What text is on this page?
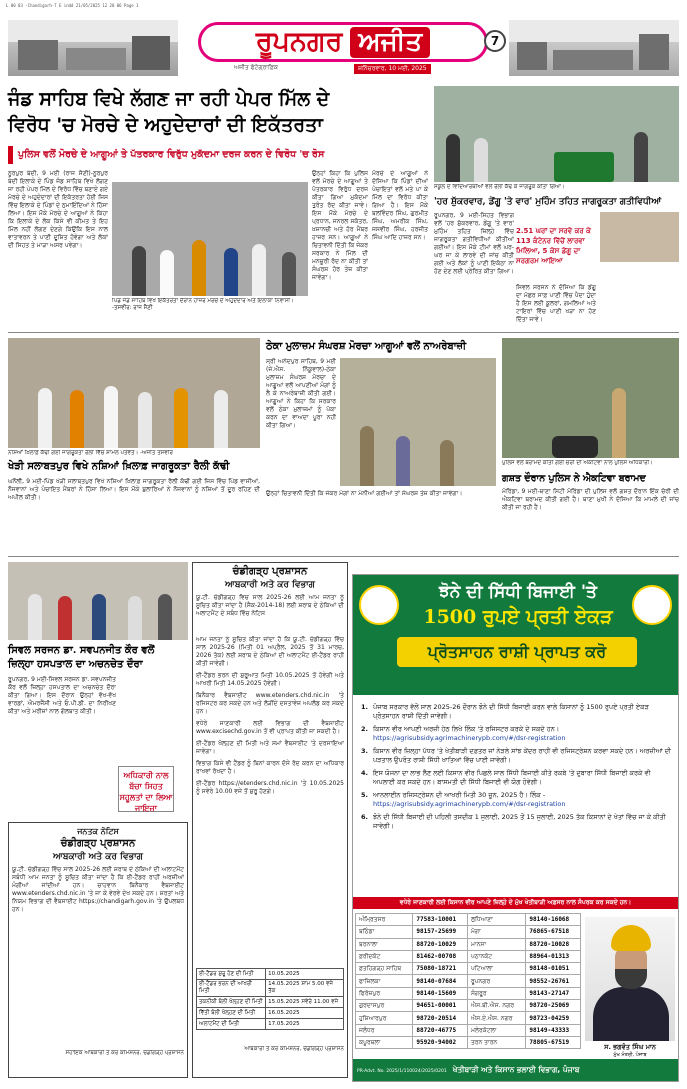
L 00 03 -Chandigarh-7 E indd 21/05/2025 12 20 06 Page 1
ਰੂਪਨਗਰ ਅਜੀਤ
ਅਜੀਤ ਫੋਟੋਗ੍ਰਾਫ਼ਿਕ	ਸ਼ਨਿੱਚਰਵਾਰ, 10 ਮਈ, 2025
7
ਜੰਡ ਸਾਹਿਬ ਵਿਖੇ ਲੱਗਣ ਜਾ ਰਹੀ ਪੇਪਰ ਮਿੱਲ ਦੇ
ਵਿਰੋਧ 'ਚ ਮੋਰਚੇ ਦੇ ਅਹੁਦੇਦਾਰਾਂ ਦੀ ਇਕੱਤਰਤਾ
ਪੁਲਿਸ ਵਲੋਂ ਮੋਰਚੇ ਦੇ ਆਗੂਆਂ ਤੇ ਪੱਤਰਕਾਰ ਵਿਰੁੱਧ ਮੁਕੱਦਮਾ ਦਰਜ ਕਰਨ ਦੇ ਵਿਰੋਧ 'ਚ ਰੋਸ
ਨੂਰਪੁਰ ਬੇਦੀ, 9 ਮਈ (ਰਾਜ ਸੈਣੀ)-ਨੂਰਪੁਰ ਬੇਦੀ ਇਲਾਕੇ ਦੇ ਪਿੰਡ ਜੰਡ ਸਾਹਿਬ ਵਿਖੇ ਲੱਗਣ ਜਾ ਰਹੀ ਪੇਪਰ ਮਿੱਲ ਦੇ ਵਿਰੋਧ ਵਿੱਚ ਬਣਾਏ ਗਏ ਮੋਰਚੇ ਦੇ ਅਹੁਦੇਦਾਰਾਂ ਦੀ ਇਕੱਤਰਤਾ ਹੋਈ ਜਿਸ ਵਿੱਚ ਇਲਾਕੇ ਦੇ ਪਿੰਡਾਂ ਦੇ ਨੁਮਾਇੰਦਿਆਂ ਨੇ ਹਿੱਸਾ ਲਿਆ। ਇਸ ਮੌਕੇ ਮੋਰਚੇ ਦੇ ਆਗੂਆਂ ਨੇ ਕਿਹਾ ਕਿ ਇਲਾਕੇ ਦੇ ਲੋਕ ਕਿਸੇ ਵੀ ਕੀਮਤ ਤੇ ਇਹ ਮਿੱਲ ਨਹੀਂ ਲੱਗਣ ਦੇਣਗੇ ਕਿਉਂਕਿ ਇਸ ਨਾਲ ਵਾਤਾਵਰਨ ਤੇ ਪਾਣੀ ਦੂਸ਼ਿਤ ਹੋਵੇਗਾ ਅਤੇ ਲੋਕਾਂ ਦੀ ਸਿਹਤ ਤੇ ਮਾੜਾ ਅਸਰ ਪਵੇਗਾ।
ਪਿੰਡ ਜੰਡ ਸਾਹਿਬ ਵਿਖੇ ਇਕੱਤਰਤਾ ਦੌਰਾਨ ਹਾਜ਼ਰ ਮੋਰਚੇ ਦੇ ਅਹੁਦੇਦਾਰ ਅਤੇ ਇਲਾਕਾ ਨਿਵਾਸੀ। -ਤਸਵੀਰ: ਰਾਜ ਸੈਣੀ
ਉਨ੍ਹਾਂ ਕਿਹਾ ਕਿ ਪੁਲਿਸ ਵਲੋਂ ਮੋਰਚੇ ਦੇ ਆਗੂਆਂ ਤੇ ਪੱਤਰਕਾਰ ਵਿਰੁੱਧ ਦਰਜ ਕੀਤਾ ਗਿਆ ਮੁਕੱਦਮਾ ਤੁਰੰਤ ਰੱਦ ਕੀਤਾ ਜਾਵੇ। ਇਸ ਮੌਕੇ ਮੋਰਚੇ ਦੇ ਪ੍ਰਧਾਨ, ਜਨਰਲ ਸਕੱਤਰ, ਖ਼ਜ਼ਾਨਚੀ ਅਤੇ ਹੋਰ ਮੈਂਬਰ ਹਾਜ਼ਰ ਸਨ। ਆਗੂਆਂ ਨੇ ਚਿਤਾਵਨੀ ਦਿੱਤੀ ਕਿ ਜੇਕਰ ਸਰਕਾਰ ਨੇ ਮਿੱਲ ਦੀ ਮਨਜ਼ੂਰੀ ਰੱਦ ਨਾ ਕੀਤੀ ਤਾਂ ਸੰਘਰਸ਼ ਹੋਰ ਤੇਜ਼ ਕੀਤਾ ਜਾਵੇਗਾ।
ਮੋਰਚੇ ਦੇ ਆਗੂਆਂ ਨੇ ਦੱਸਿਆ ਕਿ ਪਿੰਡਾਂ ਦੀਆਂ ਪੰਚਾਇਤਾਂ ਵਲੋਂ ਮਤੇ ਪਾ ਕੇ ਮਿੱਲ ਦਾ ਵਿਰੋਧ ਕੀਤਾ ਗਿਆ ਹੈ। ਇਸ ਮੌਕੇ ਬਲਵਿੰਦਰ ਸਿੰਘ, ਗੁਰਮੀਤ ਸਿੰਘ, ਅਮਰੀਕ ਸਿੰਘ, ਜਸਵੀਰ ਸਿੰਘ, ਹਰਜੀਤ ਸਿੰਘ ਆਦਿ ਹਾਜ਼ਰ ਸਨ।
ਸਕੂਲ ਦੇ ਵਿਦਿਆਰਥੀਆਂ ਵਲੋਂ ਰੈਲੀ ਕੱਢ ਕੇ ਜਾਗਰੂਕ ਕੀਤਾ ਗਿਆ।
'ਹਰ ਸ਼ੁੱਕਰਵਾਰ, ਡੇਂਗੂ 'ਤੇ ਵਾਰ' ਮੁਹਿੰਮ ਤਹਿਤ ਜਾਗਰੂਕਤਾ ਗਤੀਵਿਧੀਆਂ
ਰੂਪਨਗਰ, 9 ਮਈ-ਸਿਹਤ ਵਿਭਾਗ ਵਲੋਂ 'ਹਰ ਸ਼ੁੱਕਰਵਾਰ, ਡੇਂਗੂ 'ਤੇ ਵਾਰ' ਮੁਹਿੰਮ ਤਹਿਤ ਜ਼ਿਲ੍ਹੇ ਵਿੱਚ ਜਾਗਰੂਕਤਾ ਗਤੀਵਿਧੀਆਂ ਕੀਤੀਆਂ ਗਈਆਂ। ਇਸ ਮੌਕੇ ਟੀਮਾਂ ਵਲੋਂ ਘਰ-ਘਰ ਜਾ ਕੇ ਲਾਰਵੇ ਦੀ ਜਾਂਚ ਕੀਤੀ ਗਈ ਅਤੇ ਲੋਕਾਂ ਨੂੰ ਪਾਣੀ ਇਕੱਠਾ ਨਾ ਹੋਣ ਦੇਣ ਲਈ ਪ੍ਰੇਰਿਤ ਕੀਤਾ ਗਿਆ।
2.51 ਘਰਾਂ ਦਾ ਸਰਵੇ ਕਰ ਕੇ 113 ਕੰਟੇਨਰ ਵਿੱਚੋਂ ਲਾਰਵਾ ਮਿਲਿਆ, 5 ਕੇਸ ਡੇਂਗੂ ਦਾ ਸਰਗਰਮ ਆਇਆ
ਸਿਵਲ ਸਰਜਨ ਨੇ ਦੱਸਿਆ ਕਿ ਡੇਂਗੂ ਦਾ ਮੱਛਰ ਸਾਫ਼ ਪਾਣੀ ਵਿੱਚ ਪੈਦਾ ਹੁੰਦਾ ਹੈ ਇਸ ਲਈ ਕੂਲਰਾਂ, ਗਮਲਿਆਂ ਅਤੇ ਟਾਇਰਾਂ ਵਿੱਚ ਪਾਣੀ ਖੜਾ ਨਾ ਹੋਣ ਦਿੱਤਾ ਜਾਵੇ।
ਨਸ਼ਿਆਂ ਖ਼ਿਲਾਫ਼ ਕੱਢੀ ਗਈ ਜਾਗਰੂਕਤਾ ਰੈਲੀ ਵਿੱਚ ਸ਼ਾਮਲ ਪਤਵੰਤੇ। -ਅਜੀਤ ਤਸਵੀਰ
ਖੇੜੀ ਸਲਾਬਤਪੁਰ ਵਿਖੇ ਨਸ਼ਿਆਂ ਖ਼ਿਲਾਫ਼ ਜਾਗਰੂਕਤਾ ਰੈਲੀ ਕੱਢੀ
ਘਨੌਲੀ, 9 ਮਈ-ਪਿੰਡ ਖੇੜੀ ਸਲਾਬਤਪੁਰ ਵਿਖੇ ਨਸ਼ਿਆਂ ਖ਼ਿਲਾਫ਼ ਜਾਗਰੂਕਤਾ ਰੈਲੀ ਕੱਢੀ ਗਈ ਜਿਸ ਵਿੱਚ ਪਿੰਡ ਵਾਸੀਆਂ, ਨੌਜਵਾਨਾਂ ਅਤੇ ਪੰਚਾਇਤ ਮੈਂਬਰਾਂ ਨੇ ਹਿੱਸਾ ਲਿਆ। ਇਸ ਮੌਕੇ ਬੁਲਾਰਿਆਂ ਨੇ ਨੌਜਵਾਨਾਂ ਨੂੰ ਨਸ਼ਿਆਂ ਤੋਂ ਦੂਰ ਰਹਿਣ ਦੀ ਅਪੀਲ ਕੀਤੀ।
ਠੇਕਾ ਮੁਲਾਜ਼ਮ ਸੰਘਰਸ਼ ਮੋਰਚਾ ਆਗੂਆਂ ਵਲੋਂ ਨਾਅਰੇਬਾਜ਼ੀ
ਸ੍ਰੀ ਅਨੰਦਪੁਰ ਸਾਹਿਬ, 9 ਮਈ (ਜੇ.ਐਸ. ਨਿੱਕੂਵਾਲ)-ਠੇਕਾ ਮੁਲਾਜ਼ਮ ਸੰਘਰਸ਼ ਮੋਰਚਾ ਦੇ ਆਗੂਆਂ ਵਲੋਂ ਆਪਣੀਆਂ ਮੰਗਾਂ ਨੂੰ ਲੈ ਕੇ ਨਾਅਰੇਬਾਜ਼ੀ ਕੀਤੀ ਗਈ। ਆਗੂਆਂ ਨੇ ਕਿਹਾ ਕਿ ਸਰਕਾਰ ਵਲੋਂ ਠੇਕਾ ਮੁਲਾਜ਼ਮਾਂ ਨੂੰ ਪੱਕਾ ਕਰਨ ਦਾ ਵਾਅਦਾ ਪੂਰਾ ਨਹੀਂ ਕੀਤਾ ਗਿਆ।
ਉਨ੍ਹਾਂ ਚਿਤਾਵਨੀ ਦਿੱਤੀ ਕਿ ਜੇਕਰ ਮੰਗਾਂ ਨਾ ਮੰਨੀਆਂ ਗਈਆਂ ਤਾਂ ਸੰਘਰਸ਼ ਤੇਜ਼ ਕੀਤਾ ਜਾਵੇਗਾ।
ਪੁਲਿਸ ਵਲੋਂ ਬਰਾਮਦ ਕੀਤੀ ਗਈ ਚੋਰੀ ਦੀ ਐਕਟਿਵਾ ਨਾਲ ਪੁਲਿਸ ਅਧਿਕਾਰੀ।
ਗਸ਼ਤ ਦੌਰਾਨ ਪੁਲਿਸ ਨੇ ਐਕਟਿਵਾ ਬਰਾਮਦ
ਮੋਰਿੰਡਾ, 9 ਮਈ-ਥਾਣਾ ਸਿਟੀ ਮੋਰਿੰਡਾ ਦੀ ਪੁਲਿਸ ਵਲੋਂ ਗਸ਼ਤ ਦੌਰਾਨ ਇੱਕ ਚੋਰੀ ਦੀ ਐਕਟਿਵਾ ਬਰਾਮਦ ਕੀਤੀ ਗਈ ਹੈ। ਥਾਣਾ ਮੁਖੀ ਨੇ ਦੱਸਿਆ ਕਿ ਮਾਮਲੇ ਦੀ ਜਾਂਚ ਕੀਤੀ ਜਾ ਰਹੀ ਹੈ।
ਸਿਵਲ ਸਰਜਨ ਡਾ. ਸਵਪਨਜੀਤ ਕੌਰ ਵਲੋਂ
ਜ਼ਿਲ੍ਹਾ ਹਸਪਤਾਲ ਦਾ ਅਚਨਚੇਤ ਦੌਰਾ
ਰੂਪਨਗਰ, 9 ਮਈ-ਸਿਵਲ ਸਰਜਨ ਡਾ. ਸਵਪਨਜੀਤ ਕੌਰ ਵਲੋਂ ਜ਼ਿਲ੍ਹਾ ਹਸਪਤਾਲ ਦਾ ਅਚਨਚੇਤ ਦੌਰਾ ਕੀਤਾ ਗਿਆ। ਇਸ ਦੌਰਾਨ ਉਨ੍ਹਾਂ ਵੱਖ-ਵੱਖ ਵਾਰਡਾਂ, ਐਮਰਜੈਂਸੀ ਅਤੇ ਓ.ਪੀ.ਡੀ. ਦਾ ਨਿਰੀਖਣ ਕੀਤਾ ਅਤੇ ਮਰੀਜ਼ਾਂ ਨਾਲ ਗੱਲਬਾਤ ਕੀਤੀ।
ਅਧਿਕਾਰੀ ਨਾਲ ਬੱਚਾ ਸਿਹਤ ਸਹੂਲਤਾਂ ਦਾ ਲਿਆ ਜਾਇਜ਼ਾ
ਜਨਤਕ ਨੋਟਿਸ
ਚੰਡੀਗੜ੍ਹ ਪ੍ਰਸ਼ਾਸਨ
ਆਬਕਾਰੀ ਅਤੇ ਕਰ ਵਿਭਾਗ
ਯੂ.ਟੀ. ਚੰਡੀਗੜ੍ਹ ਵਿੱਚ ਸਾਲ 2025-26 ਲਈ ਸ਼ਰਾਬ ਦੇ ਠੇਕਿਆਂ ਦੀ ਅਲਾਟਮੈਂਟ ਸਬੰਧੀ ਆਮ ਜਨਤਾ ਨੂੰ ਸੂਚਿਤ ਕੀਤਾ ਜਾਂਦਾ ਹੈ ਕਿ ਈ-ਟੈਂਡਰ ਰਾਹੀਂ ਅਰਜ਼ੀਆਂ ਮੰਗੀਆਂ ਜਾਂਦੀਆਂ ਹਨ। ਚਾਹਵਾਨ ਬਿਨੈਕਾਰ ਵੈਬਸਾਈਟ www.etenders.chd.nic.in 'ਤੇ ਜਾ ਕੇ ਵੇਰਵੇ ਦੇਖ ਸਕਦੇ ਹਨ। ਸ਼ਰਤਾਂ ਅਤੇ ਨਿਯਮ ਵਿਭਾਗ ਦੀ ਵੈਬਸਾਈਟ https://chandigarh.gov.in 'ਤੇ ਉਪਲਬਧ ਹਨ।
ਸਹਾਇਕ ਆਬਕਾਰੀ ਤੇ ਕਰ ਕਮਿਸ਼ਨਰ, ਚੰਡੀਗੜ੍ਹ ਪ੍ਰਸ਼ਾਸਨ
ਚੰਡੀਗੜ੍ਹ ਪ੍ਰਸ਼ਾਸਨ
ਆਬਕਾਰੀ ਅਤੇ ਕਰ ਵਿਭਾਗ
ਯੂ.ਟੀ. ਚੰਡੀਗੜ੍ਹ ਵਿਚ ਸਾਲ 2025-26 ਲਈ ਆਮ ਜਨਤਾ ਨੂੰ ਸੂਚਿਤ ਕੀਤਾ ਜਾਂਦਾ ਹੈ (ਸੈਕ-2014-18) ਲਈ ਸ਼ਰਾਬ ਦੇ ਠੇਕਿਆਂ ਦੀ ਅਲਾਟਮੈਂਟ ਦੇ ਸਬੰਧ ਵਿੱਚ ਨੋਟਿਸ
ਆਮ ਜਨਤਾ ਨੂੰ ਸੂਚਿਤ ਕੀਤਾ ਜਾਂਦਾ ਹੈ ਕਿ ਯੂ.ਟੀ. ਚੰਡੀਗੜ੍ਹ ਵਿੱਚ ਸਾਲ 2025-26 (ਮਿਤੀ 01 ਅਪ੍ਰੈਲ, 2025 ਤੋਂ 31 ਮਾਰਚ, 2026 ਤੱਕ) ਲਈ ਸ਼ਰਾਬ ਦੇ ਠੇਕਿਆਂ ਦੀ ਅਲਾਟਮੈਂਟ ਈ-ਟੈਂਡਰ ਰਾਹੀਂ ਕੀਤੀ ਜਾਵੇਗੀ।
ਈ-ਟੈਂਡਰ ਭਰਨ ਦੀ ਸ਼ੁਰੂਆਤ ਮਿਤੀ 10.05.2025 ਤੋਂ ਹੋਵੇਗੀ ਅਤੇ ਆਖਰੀ ਮਿਤੀ 14.05.2025 ਹੋਵੇਗੀ।
ਬਿਨੈਕਾਰ ਵੈਬਸਾਈਟ www.etenders.chd.nic.in 'ਤੇ ਰਜਿਸਟਰ ਕਰ ਸਕਦੇ ਹਨ ਅਤੇ ਲੋੜੀਂਦੇ ਦਸਤਾਵੇਜ਼ ਅਪਲੋਡ ਕਰ ਸਕਦੇ ਹਨ।
ਵਧੇਰੇ ਜਾਣਕਾਰੀ ਲਈ ਵਿਭਾਗ ਦੀ ਵੈਬਸਾਈਟ www.excisechd.gov.in ਤੋਂ ਵੀ ਪ੍ਰਾਪਤ ਕੀਤੀ ਜਾ ਸਕਦੀ ਹੈ।
ਈ-ਟੈਂਡਰ ਖੋਲ੍ਹਣ ਦੀ ਮਿਤੀ ਅਤੇ ਸਮਾਂ ਵੈਬਸਾਈਟ 'ਤੇ ਦਰਸਾਇਆ ਜਾਵੇਗਾ।
ਵਿਭਾਗ ਕਿਸੇ ਵੀ ਟੈਂਡਰ ਨੂੰ ਬਿਨਾਂ ਕਾਰਨ ਦੱਸੇ ਰੱਦ ਕਰਨ ਦਾ ਅਧਿਕਾਰ ਰਾਖਵਾਂ ਰੱਖਦਾ ਹੈ।
ਈ-ਟੈਂਡਰ https://etenders.chd.nic.in 'ਤੇ 10.05.2025 ਨੂੰ ਸਵੇਰੇ 10.00 ਵਜੇ ਤੋਂ ਸ਼ੁਰੂ ਹੋਣਗੇ।
ਈ-ਟੈਂਡਰ ਸ਼ੁਰੂ ਹੋਣ ਦੀ ਮਿਤੀ	10.05.2025
ਈ-ਟੈਂਡਰ ਭਰਨ ਦੀ ਆਖਰੀ ਮਿਤੀ	14.05.2025 ਸ਼ਾਮ 5.00 ਵਜੇ ਤੱਕ
ਤਕਨੀਕੀ ਬੋਲੀ ਖੋਲ੍ਹਣ ਦੀ ਮਿਤੀ	15.05.2025 ਸਵੇਰੇ 11.00 ਵਜੇ
ਵਿੱਤੀ ਬੋਲੀ ਖੋਲ੍ਹਣ ਦੀ ਮਿਤੀ	16.05.2025
ਅਲਾਟਮੈਂਟ ਦੀ ਮਿਤੀ	17.05.2025
ਆਬਕਾਰੀ ਤੇ ਕਰ ਕਮਿਸ਼ਨਰ, ਚੰਡੀਗੜ੍ਹ ਪ੍ਰਸ਼ਾਸਨ
ਝੋਨੇ ਦੀ ਸਿੱਧੀ ਬਿਜਾਈ 'ਤੇ
1500 ਰੁਪਏ ਪ੍ਰਤੀ ਏਕੜ
ਪ੍ਰੋਤਸਾਹਨ ਰਾਸ਼ੀ ਪ੍ਰਾਪਤ ਕਰੋ
1. ਪੰਜਾਬ ਸਰਕਾਰ ਵੱਲੋਂ ਸਾਲ 2025-26 ਦੌਰਾਨ ਝੋਨੇ ਦੀ ਸਿੱਧੀ ਬਿਜਾਈ ਕਰਨ ਵਾਲੇ ਕਿਸਾਨਾਂ ਨੂੰ 1500 ਰੁਪਏ ਪ੍ਰਤੀ ਏਕੜ ਪ੍ਰੋਤਸਾਹਨ ਰਾਸ਼ੀ ਦਿੱਤੀ ਜਾਵੇਗੀ।
2. ਕਿਸਾਨ ਵੀਰ ਆਪਣੀ ਅਰਜ਼ੀ ਹੇਠ ਲਿਖੇ ਲਿੰਕ 'ਤੇ ਰਜਿਸਟਰ ਕਰਕੇ ਦੇ ਸਕਦੇ ਹਨ। https://agrisubsidy.agrimachinerypb.com/#/dsr-registration
3. ਕਿਸਾਨ ਵੀਰ ਜ਼ਿਲ੍ਹਾ ਪੱਧਰ 'ਤੇ ਖੇਤੀਬਾੜੀ ਦਫ਼ਤਰ ਜਾਂ ਨੇੜਲੇ ਸਾਂਝ ਕੇਂਦਰ ਰਾਹੀਂ ਵੀ ਰਜਿਸਟ੍ਰੇਸ਼ਨ ਕਰਵਾ ਸਕਦੇ ਹਨ। ਅਰਜ਼ੀਆਂ ਦੀ ਪੜਤਾਲ ਉਪਰੰਤ ਰਾਸ਼ੀ ਸਿੱਧੀ ਖਾਤਿਆਂ ਵਿੱਚ ਪਾਈ ਜਾਵੇਗੀ।
4. ਇਸ ਯੋਜਨਾ ਦਾ ਲਾਭ ਲੈਣ ਲਈ ਕਿਸਾਨ ਵੀਰ ਪਿਛਲੇ ਸਾਲ ਸਿੱਧੀ ਬਿਜਾਈ ਕੀਤੇ ਰਕਬੇ 'ਤੇ ਦੁਬਾਰਾ ਸਿੱਧੀ ਬਿਜਾਈ ਕਰਕੇ ਵੀ ਅਪਲਾਈ ਕਰ ਸਕਦੇ ਹਨ। ਬਾਸਮਤੀ ਦੀ ਸਿੱਧੀ ਬਿਜਾਈ ਵੀ ਯੋਗ ਹੋਵੇਗੀ।
5. ਆਨਲਾਈਨ ਰਜਿਸਟ੍ਰੇਸ਼ਨ ਦੀ ਆਖਰੀ ਮਿਤੀ 30 ਜੂਨ, 2025 ਹੈ। ਲਿੰਕ - https://agrisubsidy.agrimachinerypb.com/#/dsr-registration
6. ਝੋਨੇ ਦੀ ਸਿੱਧੀ ਬਿਜਾਈ ਦੀ ਪਹਿਲੀ ਤਸਦੀਕ 1 ਜੁਲਾਈ, 2025 ਤੋਂ 15 ਜੁਲਾਈ, 2025 ਤੱਕ ਕਿਸਾਨਾਂ ਦੇ ਖੇਤਾਂ ਵਿੱਚ ਜਾ ਕੇ ਕੀਤੀ ਜਾਵੇਗੀ।
ਵਧੇਰੇ ਜਾਣਕਾਰੀ ਲਈ ਕਿਸਾਨ ਵੀਰ ਆਪਣੇ ਜ਼ਿਲ੍ਹੇ ਦੇ ਮੁੱਖ ਖੇਤੀਬਾੜੀ ਅਫ਼ਸਰ ਨਾਲ ਸੰਪਰਕ ਕਰ ਸਕਦੇ ਹਨ।
ਅੰਮ੍ਰਿਤਸਰ	77583-10001	ਲੁਧਿਆਣਾ	98140-16068
ਬਠਿੰਡਾ	98157-25699	ਮੋਗਾ	76865-67518
ਬਰਨਾਲਾ	88720-10029	ਮਾਨਸਾ	88720-10028
ਫ਼ਰੀਦਕੋਟ	81462-00708	ਪਠਾਨਕੋਟ	88964-01313
ਫ਼ਤਹਿਗੜ੍ਹ ਸਾਹਿਬ	75080-18721	ਪਟਿਆਲਾ	98148-01051
ਫਾਜ਼ਿਲਕਾ	98140-07684	ਰੂਪਨਗਰ	98552-26761
ਫਿਰੋਜ਼ਪੁਰ	98140-15609	ਸੰਗਰੂਰ	98143-27147
ਗੁਰਦਾਸਪੁਰ	94651-00001	ਐਸ.ਬੀ.ਐਸ. ਨਗਰ	98720-25069
ਹੁਸ਼ਿਆਰਪੁਰ	98720-20514	ਐਸ.ਏ.ਐਸ. ਨਗਰ	98723-04259
ਜਲੰਧਰ	88720-46775	ਮਲੇਰਕੋਟਲਾ	98149-43333
ਕਪੂਰਥਲਾ	95920-94002	ਤਰਨ ਤਾਰਨ	78805-67519
ਸ. ਭਗਵੰਤ ਸਿੰਘ ਮਾਨ
ਮੁੱਖ ਮੰਤਰੀ, ਪੰਜਾਬ
PR-Advt. No. 2025/1/110024/2025/0201 ਖੇਤੀਬਾੜੀ ਅਤੇ ਕਿਸਾਨ ਭਲਾਈ ਵਿਭਾਗ, ਪੰਜਾਬ
